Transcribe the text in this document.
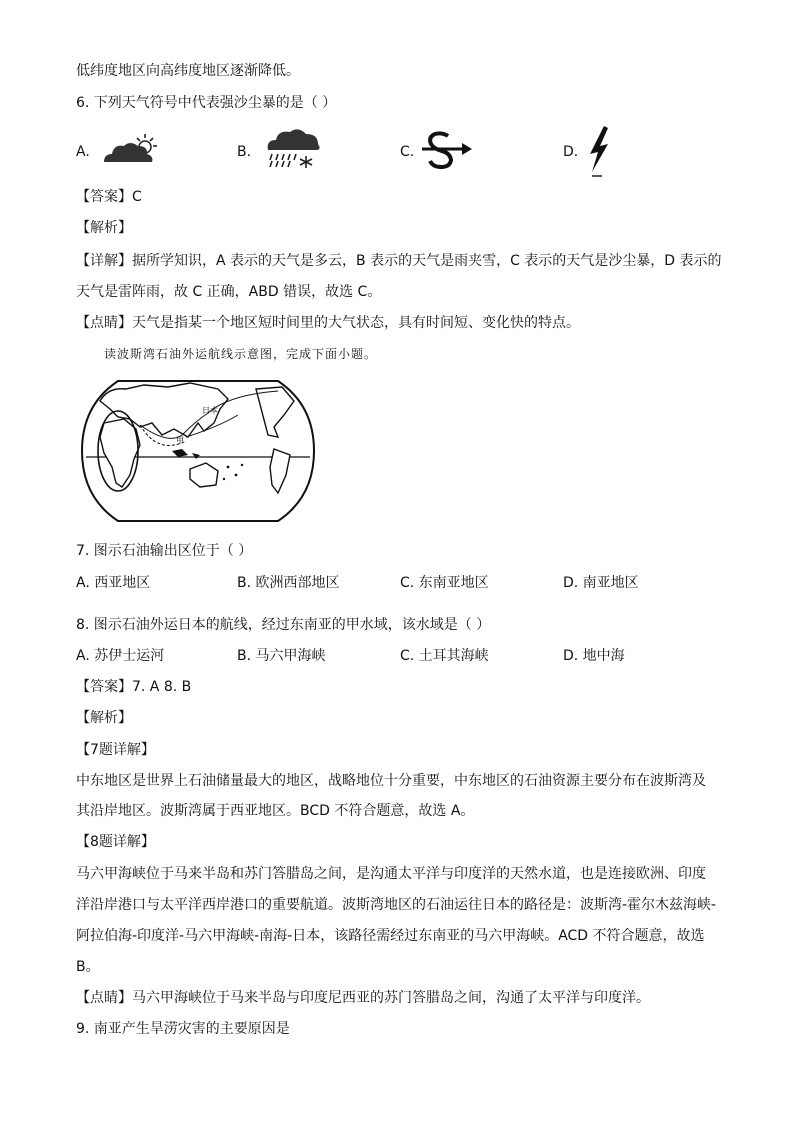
低纬度地区向高纬度地区逐渐降低。
6. 下列天气符号中代表强沙尘暴的是（ ）
A.	B.	C.	D.
【答案】C
【解析】
【详解】据所学知识，A 表示的天气是多云，B 表示的天气是雨夹雪，C 表示的天气是沙尘暴，D 表示的
天气是雷阵雨，故 C 正确，ABD 错误，故选 C。
【点睛】天气是指某一个地区短时间里的大气状态，具有时间短、变化快的特点。
读波斯湾石油外运航线示意图，完成下面小题。
日本
甲
7. 图示石油输出区位于（ ）
A. 西亚地区	B. 欧洲西部地区	C. 东南亚地区	D. 南亚地区
8. 图示石油外运日本的航线，经过东南亚的甲水域，该水域是（ ）
A. 苏伊士运河	B. 马六甲海峡	C. 土耳其海峡	D. 地中海
【答案】7. A 8. B
【解析】
【7题详解】
中东地区是世界上石油储量最大的地区，战略地位十分重要，中东地区的石油资源主要分布在波斯湾及
其沿岸地区。波斯湾属于西亚地区。BCD 不符合题意，故选 A。
【8题详解】
马六甲海峡位于马来半岛和苏门答腊岛之间，是沟通太平洋与印度洋的天然水道，也是连接欧洲、印度
洋沿岸港口与太平洋西岸港口的重要航道。波斯湾地区的石油运往日本的路径是：波斯湾-霍尔木兹海峡-
阿拉伯海-印度洋-马六甲海峡-南海-日本，该路径需经过东南亚的马六甲海峡。ACD 不符合题意，故选
B。
【点睛】马六甲海峡位于马来半岛与印度尼西亚的苏门答腊岛之间，沟通了太平洋与印度洋。
9. 南亚产生旱涝灾害的主要原因是
